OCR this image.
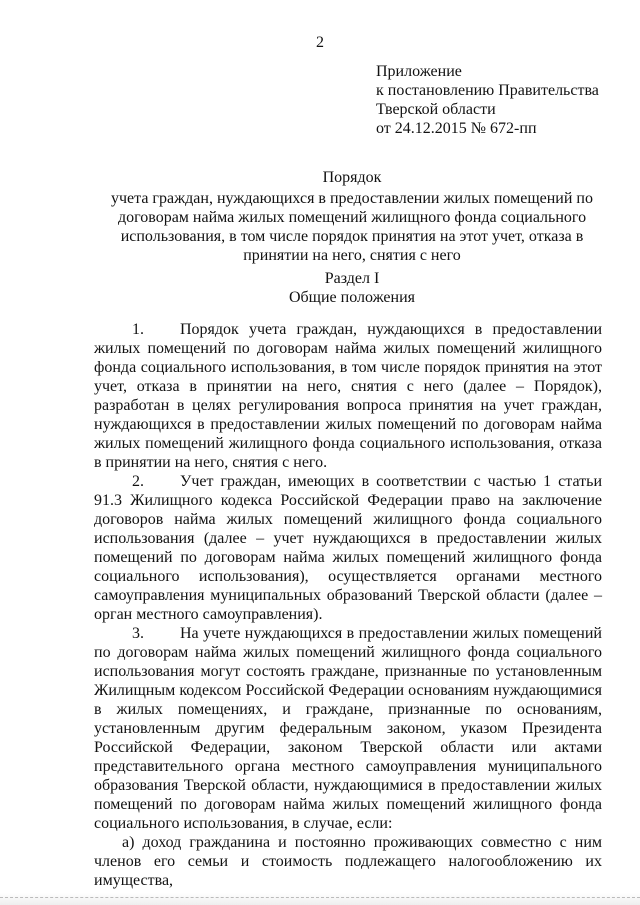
2
Приложение
к постановлению Правительства
Тверской области
от 24.12.2015 № 672-пп
Порядок
учета граждан, нуждающихся в предоставлении жилых помещений по договорам найма жилых помещений жилищного фонда социального использования, в том числе порядок принятия на этот учет, отказа в принятии на него, снятия с него
Раздел I
Общие положения

1. Порядок учета граждан, нуждающихся в предоставлении жилых помещений по договорам найма жилых помещений жилищного фонда социального использования, в том числе порядок принятия на этот учет, отказа в принятии на него, снятия с него (далее – Порядок), разработан в целях регулирования вопроса принятия на учет граждан, нуждающихся в предоставлении жилых помещений по договорам найма жилых помещений жилищного фонда социального использования, отказа в принятии на него, снятия с него.

2. Учет граждан, имеющих в соответствии с частью 1 статьи 91.3 Жилищного кодекса Российской Федерации право на заключение договоров найма жилых помещений жилищного фонда социального использования (далее – учет нуждающихся в предоставлении жилых помещений по договорам найма жилых помещений жилищного фонда социального использования), осуществляется органами местного самоуправления муниципальных образований Тверской области (далее – орган местного самоуправления).

3. На учете нуждающихся в предоставлении жилых помещений по договорам найма жилых помещений жилищного фонда социального использования могут состоять граждане, признанные по установленным Жилищным кодексом Российской Федерации основаниям нуждающимися в жилых помещениях, и граждане, признанные по основаниям, установленным другим федеральным законом, указом Президента Российской Федерации, законом Тверской области или актами представительного органа местного самоуправления муниципального образования Тверской области, нуждающимися в предоставлении жилых помещений по договорам найма жилых помещений жилищного фонда социального использования, в случае, если:

а) доход гражданина и постоянно проживающих совместно с ним членов его семьи и стоимость подлежащего налогообложению их имущества,
